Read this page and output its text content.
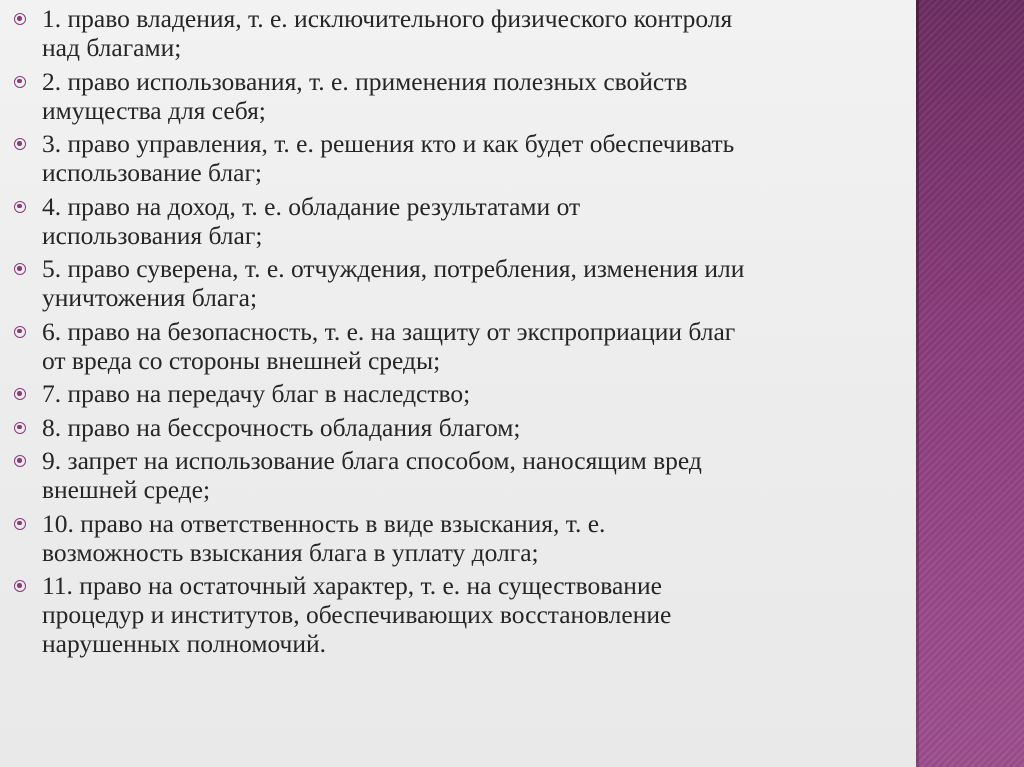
1. право владения, т. е. исключительного физического контроля
над благами;
2. право использования, т. е. применения полезных свойств
имущества для себя;
3. право управления, т. е. решения кто и как будет обеспечивать
использование благ;
4. право на доход, т. е. обладание результатами от
использования благ;
5. право суверена, т. е. отчуждения, потребления, изменения или
уничтожения блага;
6. право на безопасность, т. е. на защиту от экспроприации благ
от вреда со стороны внешней среды;
7. право на передачу благ в наследство;
8. право на бессрочность обладания благом;
9. запрет на использование блага способом, наносящим вред
внешней среде;
10. право на ответственность в виде взыскания, т. е.
возможность взыскания блага в уплату долга;
11. право на остаточный характер, т. е. на существование
процедур и институтов, обеспечивающих восстановление
нарушенных полномочий.
